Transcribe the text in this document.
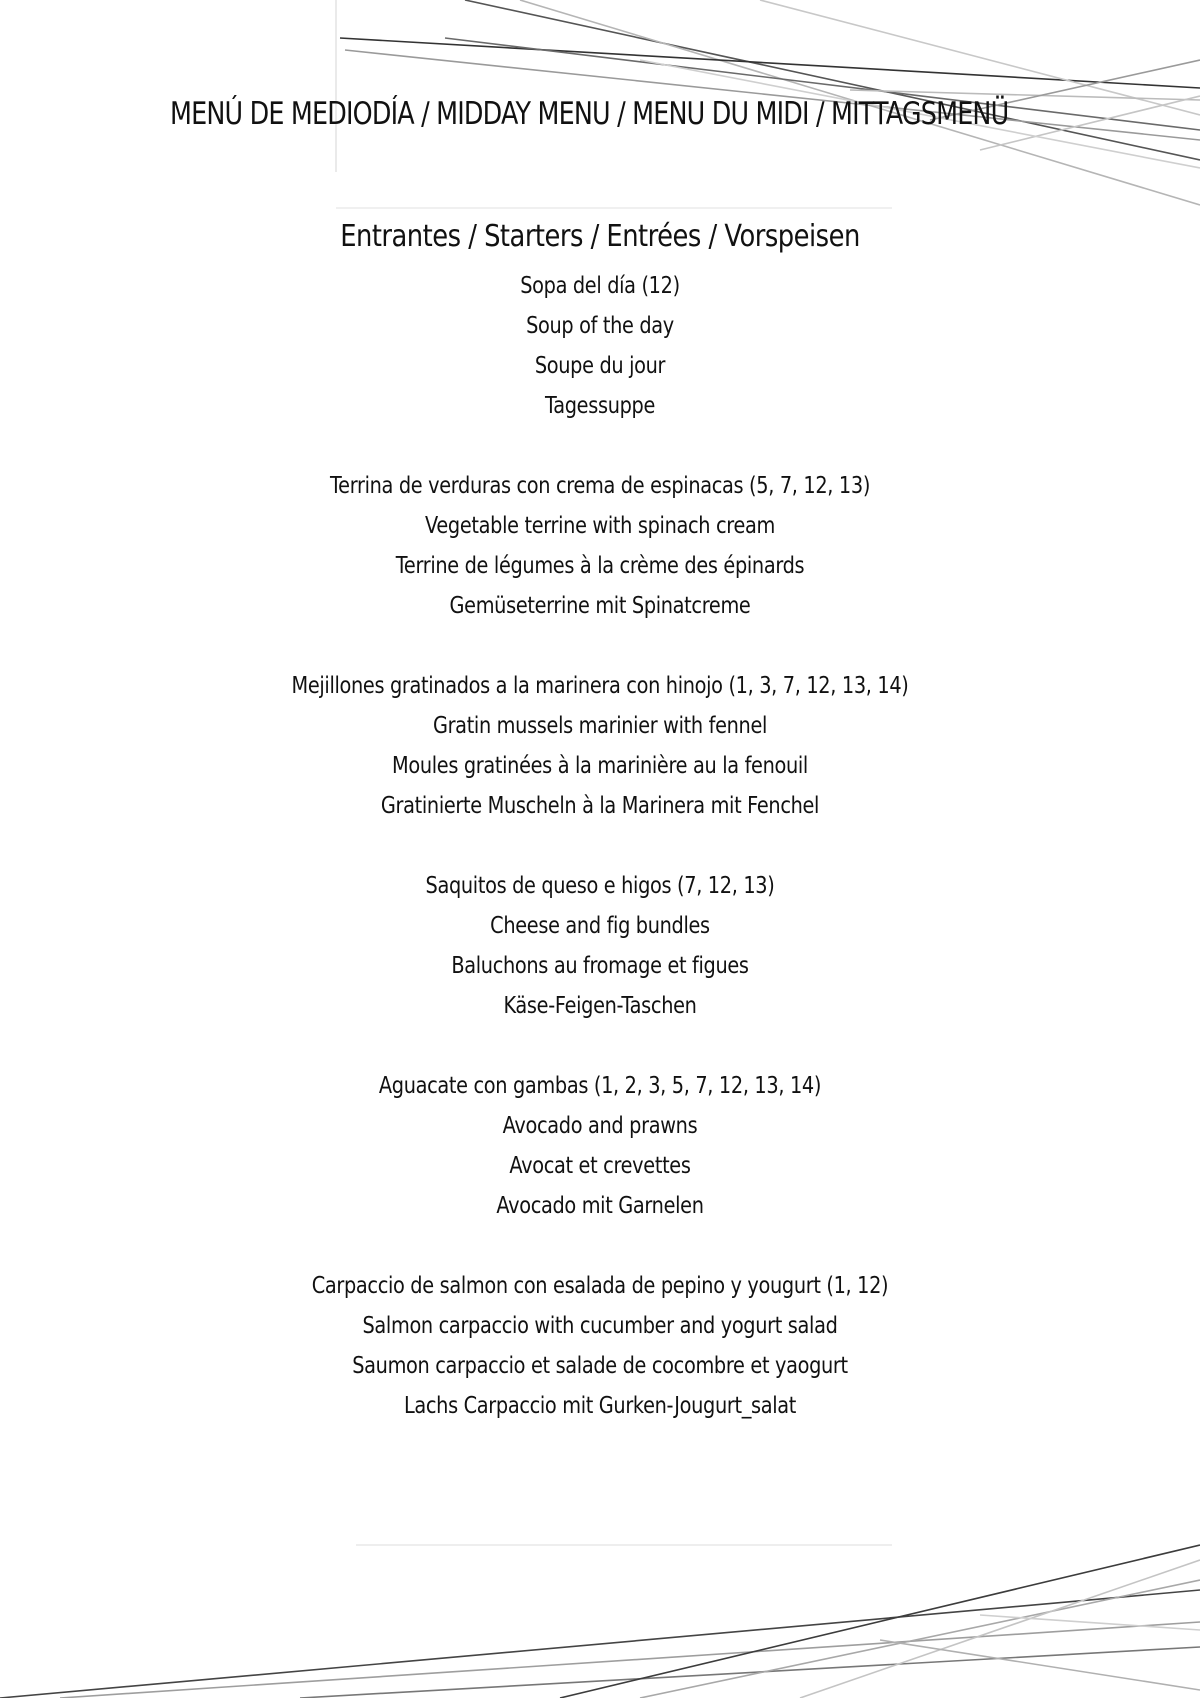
MENÚ DE MEDIODÍA / MIDDAY MENU / MENU DU MIDI / MITTAGSMENÜ
Entrantes / Starters / Entrées / Vorspeisen
Sopa del día (12)
Soup of the day
Soupe du jour
Tagessuppe
Terrina de verduras con crema de espinacas (5, 7, 12, 13)
Vegetable terrine with spinach cream
Terrine de légumes à la crème des épinards
Gemüseterrine mit Spinatcreme
Mejillones gratinados a la marinera con hinojo (1, 3, 7, 12, 13, 14)
Gratin mussels marinier with fennel
Moules gratinées à la marinière au la fenouil
Gratinierte Muscheln à la Marinera mit Fenchel
Saquitos de queso e higos (7, 12, 13)
Cheese and fig bundles
Baluchons au fromage et figues
Käse-Feigen-Taschen
Aguacate con gambas (1, 2, 3, 5, 7, 12, 13, 14)
Avocado and prawns
Avocat et crevettes
Avocado mit Garnelen
Carpaccio de salmon con esalada de pepino y yougurt (1, 12)
Salmon carpaccio with cucumber and yogurt salad
Saumon carpaccio et salade de cocombre et yaogurt
Lachs Carpaccio mit Gurken-Jougurt_salat
